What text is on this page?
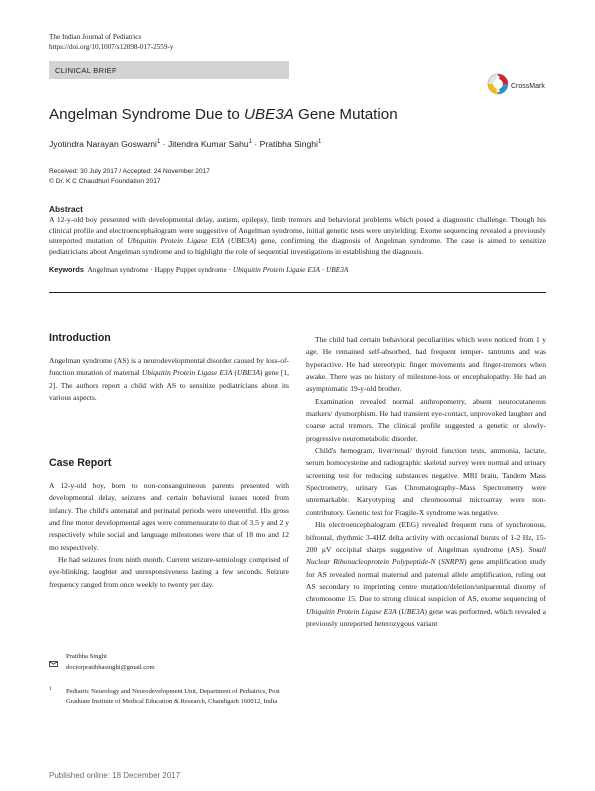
The Indian Journal of Pediatrics
https://doi.org/10.1007/s12098-017-2559-y
CLINICAL BRIEF
CrossMark
Angelman Syndrome Due to UBE3A Gene Mutation
Jyotindra Narayan Goswami$^1$ · Jitendra Kumar Sahu$^1$ · Pratibha Singhi$^1$
Received: 30 July 2017 / Accepted: 24 November 2017
© Dr. K C Chaudhuri Foundation 2017
Abstract
A 12-y-old boy presented with developmental delay, autism, epilepsy, limb tremors and behavioral problems which posed a diagnostic challenge. Though his clinical profile and electroencephalogram were suggestive of Angelman syndrome, initial genetic tests were unyielding. Exome sequencing revealed a previously unreported mutation of Ubiquitin Protein Ligase E3A (UBE3A) gene, confirming the diagnosis of Angelman syndrome. The case is aimed to sensitize pediatricians about Angelman syndrome and to highlight the role of sequential investigations in establishing the diagnosis.
Keywords Angelman syndrome · Happy Puppet syndrome · Ubiquitin Protein Ligase E3A · UBE3A
Introduction

Angelman syndrome (AS) is a neurodevelopmental disorder caused by loss-of-function mutation of maternal Ubiquitin Protein Ligase E3A (UBE3A) gene [1, 2]. The authors report a child with AS to sensitize pediatricians about its various aspects.

Case Report

A 12-y-old boy, born to non-consanguineous parents presented with developmental delay, seizures and certain behavioral issues noted from infancy. The child's antenatal and perinatal periods were uneventful. His gross and fine motor developmental ages were commensurate to that of 3.5 y and 2 y respectively while social and language milestones were that of 18 mo and 12 mo respectively.

He had seizures from ninth month. Current seizure-semiology comprised of eye-blinking, laughter and unresponsiveness lasting a few seconds. Seizure frequency ranged from once weekly to twenty per day.

Pratibha Singhi
doctorpratibhasinghi@gmail.com
$^1$ Pediatric Neurology and Neurodevelopment Unit, Department of Pediatrics, Post Graduate Institute of Medical Education & Research, Chandigarh 160012, India

The child had certain behavioral peculiarities which were noticed from 1 y age. He remained self-absorbed, had frequent temper- tantrums and was hyperactive. He had stereotypic finger movements and finger-tremors when awake. There was no history of milestone-loss or encephalopathy. He had an asymptomatic 19-y-old brother.

Examination revealed normal anthropometry, absent neurocutaneous markers/ dysmorphism. He had transient eye-contact, unprovoked laughter and coarse acral tremors. The clinical profile suggested a genetic or slowly-progressive neurometabolic disorder.

Child's hemogram, liver/renal/ thyroid function tests, ammonia, lactate, serum homocysteine and radiographic skeletal survey were normal and urinary screening test for reducing substances negative. MRI brain, Tandem Mass Spectrometry, urinary Gas Chromatography–Mass Spectrometry were unremarkable. Karyotyping and chromosomal microarray were non-contributory. Genetic test for Fragile-X syndrome was negative.

His electroencephalogram (EEG) revealed frequent runs of synchronous, bifrontal, rhythmic 3-4HZ delta activity with occasional bursts of 1-2 Hz, 15-200 μV occipital sharps suggestive of Angelman syndrome (AS). Small Nuclear Ribonucleoprotein Polypeptide-N (SNRPN) gene amplification study for AS revealed normal maternal and paternal allele amplification, ruling out AS secondary to imprinting centre mutation/deletion/uniparental disomy of chromosome 15. Due to strong clinical suspicion of AS, exome sequencing of Ubiquitin Protein Ligase E3A (UBE3A) gene was performed, which revealed a previously unreported heterozygous variant

Published online: 18 December 2017
